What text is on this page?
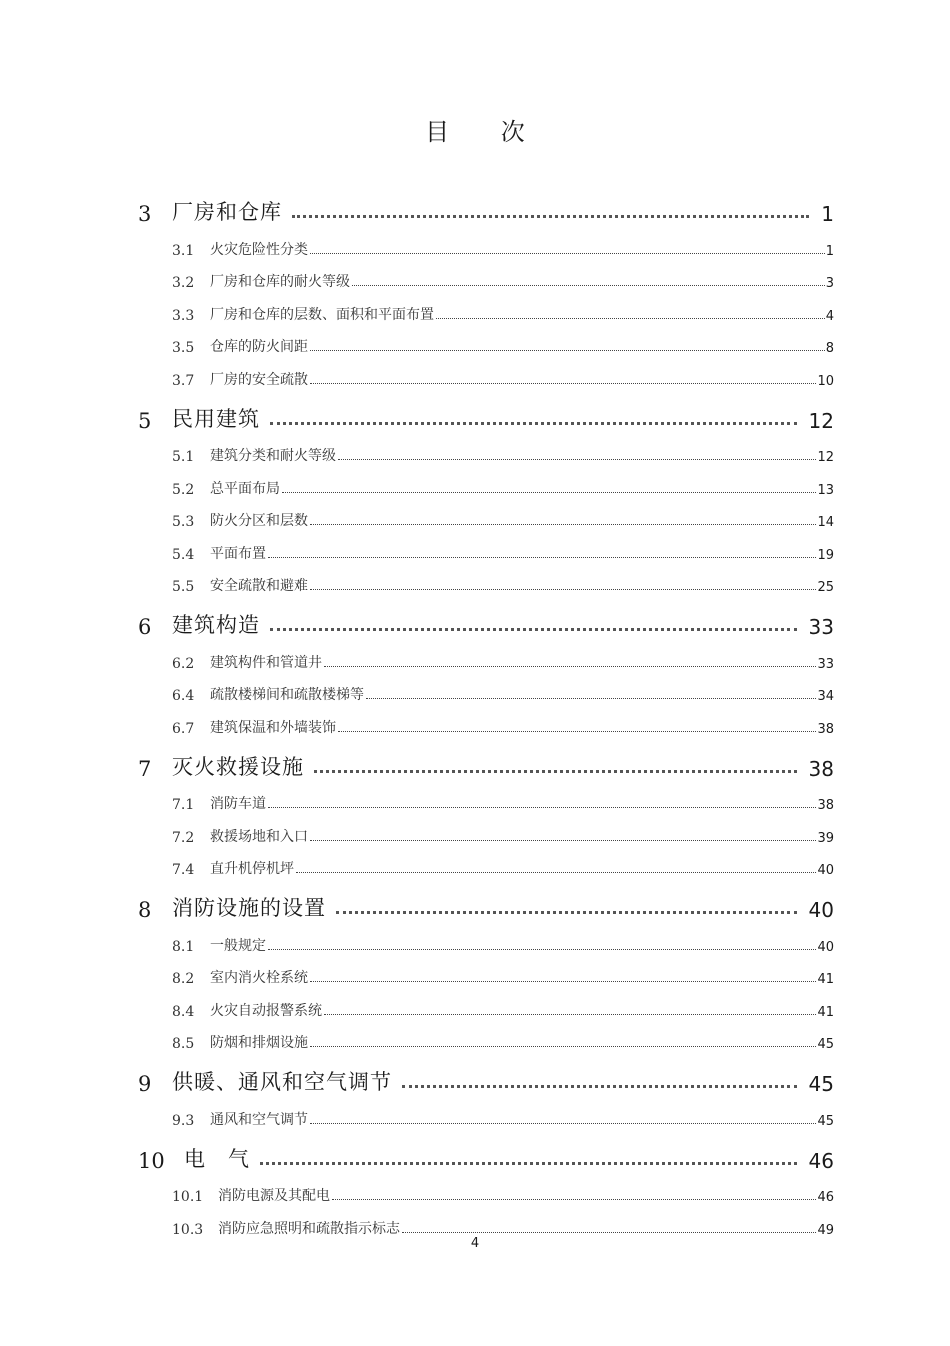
目 次
3 厂房和仓库	1
3.1	火灾危险性分类	1
3.2	厂房和仓库的耐火等级	3
3.3	厂房和仓库的层数、面积和平面布置	4
3.5	仓库的防火间距	8
3.7	厂房的安全疏散	10
5 民用建筑	12
5.1	建筑分类和耐火等级	12
5.2	总平面布局	13
5.3	防火分区和层数	14
5.4	平面布置	19
5.5	安全疏散和避难	25
6 建筑构造	33
6.2	建筑构件和管道井	33
6.4	疏散楼梯间和疏散楼梯等	34
6.7	建筑保温和外墙装饰	38
7 灭火救援设施	38
7.1	消防车道	38
7.2	救援场地和入口	39
7.4	直升机停机坪	40
8 消防设施的设置	40
8.1	一般规定	40
8.2	室内消火栓系统	41
8.4	火灾自动报警系统	41
8.5	防烟和排烟设施	45
9 供暖、通风和空气调节	45
9.3	通风和空气调节	45
10 电　气	46
10.1	消防电源及其配电	46
10.3	消防应急照明和疏散指示标志	49
4
